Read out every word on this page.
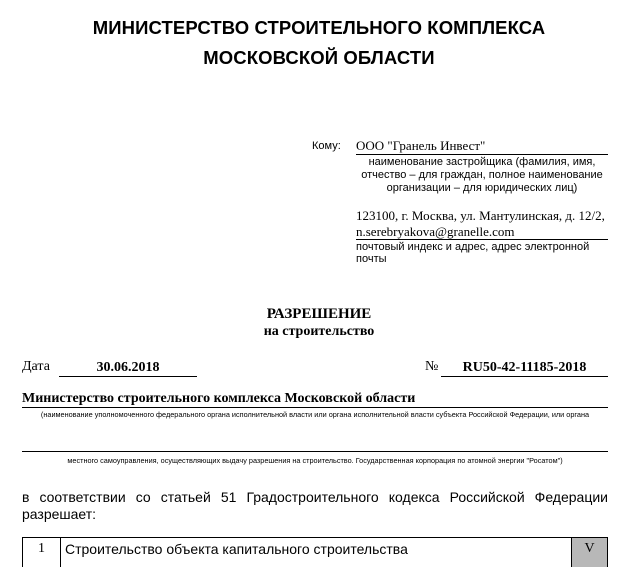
МИНИСТЕРСТВО СТРОИТЕЛЬНОГО КОМПЛЕКСА
МОСКОВСКОЙ ОБЛАСТИ
Кому: ООО "Гранель Инвест"
наименование застройщика (фамилия, имя, отчество – для граждан, полное наименование организации – для юридических лиц)
123100, г. Москва, ул. Мантулинская, д. 12/2,
n.serebryakova@granelle.com
почтовый индекс и адрес, адрес электронной почты
РАЗРЕШЕНИЕ
на строительство
Дата	30.06.2018	№	RU50-42-11185-2018
Министерство строительного комплекса Московской области
(наименование уполномоченного федерального органа исполнительной власти или органа исполнительной власти субъекта Российской Федерации, или органа
местного самоуправления, осуществляющих выдачу разрешения на строительство. Государственная корпорация по атомной энергии "Росатом")
в соответствии со статьей 51 Градостроительного кодекса Российской Федерации разрешает:
1	Строительство объекта капитального строительства	V
